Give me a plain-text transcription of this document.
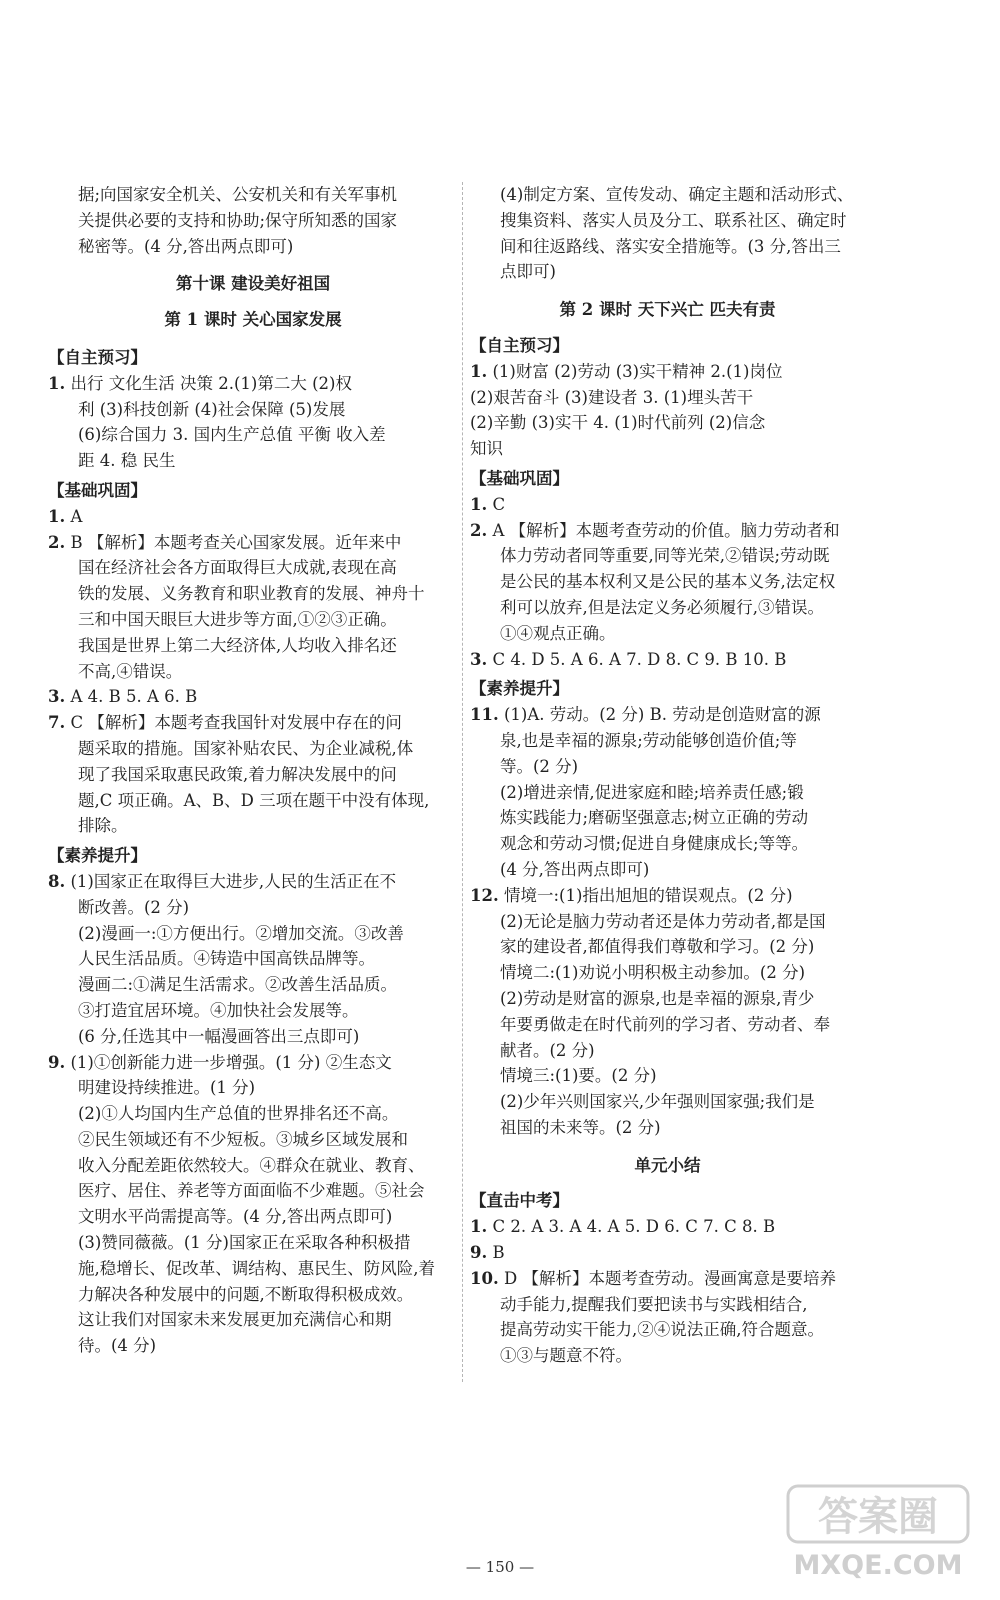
据;向国家安全机关、公安机关和有关军事机

关提供必要的支持和协助;保守所知悉的国家

秘密等。(4 分,答出两点即可)

第十课 建设美好祖国

第 1 课时 关心国家发展

【自主预习】

1. 出行 文化生活 决策 2.(1)第二大 (2)权

利 (3)科技创新 (4)社会保障 (5)发展

(6)综合国力 3. 国内生产总值 平衡 收入差

距 4. 稳 民生

【基础巩固】

1. A

2. B 【解析】本题考查关心国家发展。近年来中

国在经济社会各方面取得巨大成就,表现在高

铁的发展、义务教育和职业教育的发展、神舟十

三和中国天眼巨大进步等方面,①②③正确。

我国是世界上第二大经济体,人均收入排名还

不高,④错误。

3. A 4. B 5. A 6. B

7. C 【解析】本题考查我国针对发展中存在的问

题采取的措施。国家补贴农民、为企业减税,体

现了我国采取惠民政策,着力解决发展中的问

题,C 项正确。A、B、D 三项在题干中没有体现,

排除。

【素养提升】

8. (1)国家正在取得巨大进步,人民的生活正在不

断改善。(2 分)

(2)漫画一:①方便出行。②增加交流。③改善

人民生活品质。④铸造中国高铁品牌等。

漫画二:①满足生活需求。②改善生活品质。

③打造宜居环境。④加快社会发展等。

(6 分,任选其中一幅漫画答出三点即可)

9. (1)①创新能力进一步增强。(1 分) ②生态文

明建设持续推进。(1 分)

(2)①人均国内生产总值的世界排名还不高。

②民生领域还有不少短板。③城乡区域发展和

收入分配差距依然较大。④群众在就业、教育、

医疗、居住、养老等方面面临不少难题。⑤社会

文明水平尚需提高等。(4 分,答出两点即可)

(3)赞同薇薇。(1 分)国家正在采取各种积极措

施,稳增长、促改革、调结构、惠民生、防风险,着

力解决各种发展中的问题,不断取得积极成效。

这让我们对国家未来发展更加充满信心和期

待。(4 分)

(4)制定方案、宣传发动、确定主题和活动形式、

搜集资料、落实人员及分工、联系社区、确定时

间和往返路线、落实安全措施等。(3 分,答出三

点即可)

第 2 课时 天下兴亡 匹夫有责

【自主预习】

1. (1)财富 (2)劳动 (3)实干精神 2.(1)岗位

(2)艰苦奋斗 (3)建设者 3. (1)埋头苦干

(2)辛勤 (3)实干 4. (1)时代前列 (2)信念

知识

【基础巩固】

1. C

2. A 【解析】本题考查劳动的价值。脑力劳动者和

体力劳动者同等重要,同等光荣,②错误;劳动既

是公民的基本权利又是公民的基本义务,法定权

利可以放弃,但是法定义务必须履行,③错误。

①④观点正确。

3. C 4. D 5. A 6. A 7. D 8. C 9. B 10. B

【素养提升】

11. (1)A. 劳动。(2 分) B. 劳动是创造财富的源

泉,也是幸福的源泉;劳动能够创造价值;等

等。(2 分)

(2)增进亲情,促进家庭和睦;培养责任感;锻

炼实践能力;磨砺坚强意志;树立正确的劳动

观念和劳动习惯;促进自身健康成长;等等。

(4 分,答出两点即可)

12. 情境一:(1)指出旭旭的错误观点。(2 分)

(2)无论是脑力劳动者还是体力劳动者,都是国

家的建设者,都值得我们尊敬和学习。(2 分)

情境二:(1)劝说小明积极主动参加。(2 分)

(2)劳动是财富的源泉,也是幸福的源泉,青少

年要勇做走在时代前列的学习者、劳动者、奉

献者。(2 分)

情境三:(1)要。(2 分)

(2)少年兴则国家兴,少年强则国家强;我们是

祖国的未来等。(2 分)

单元小结

【直击中考】

1. C 2. A 3. A 4. A 5. D 6. C 7. C 8. B

9. B

10. D 【解析】本题考查劳动。漫画寓意是要培养

动手能力,提醒我们要把读书与实践相结合,

提高劳动实干能力,②④说法正确,符合题意。

①③与题意不符。

— 150 —
答案圈
MXQE.COM
